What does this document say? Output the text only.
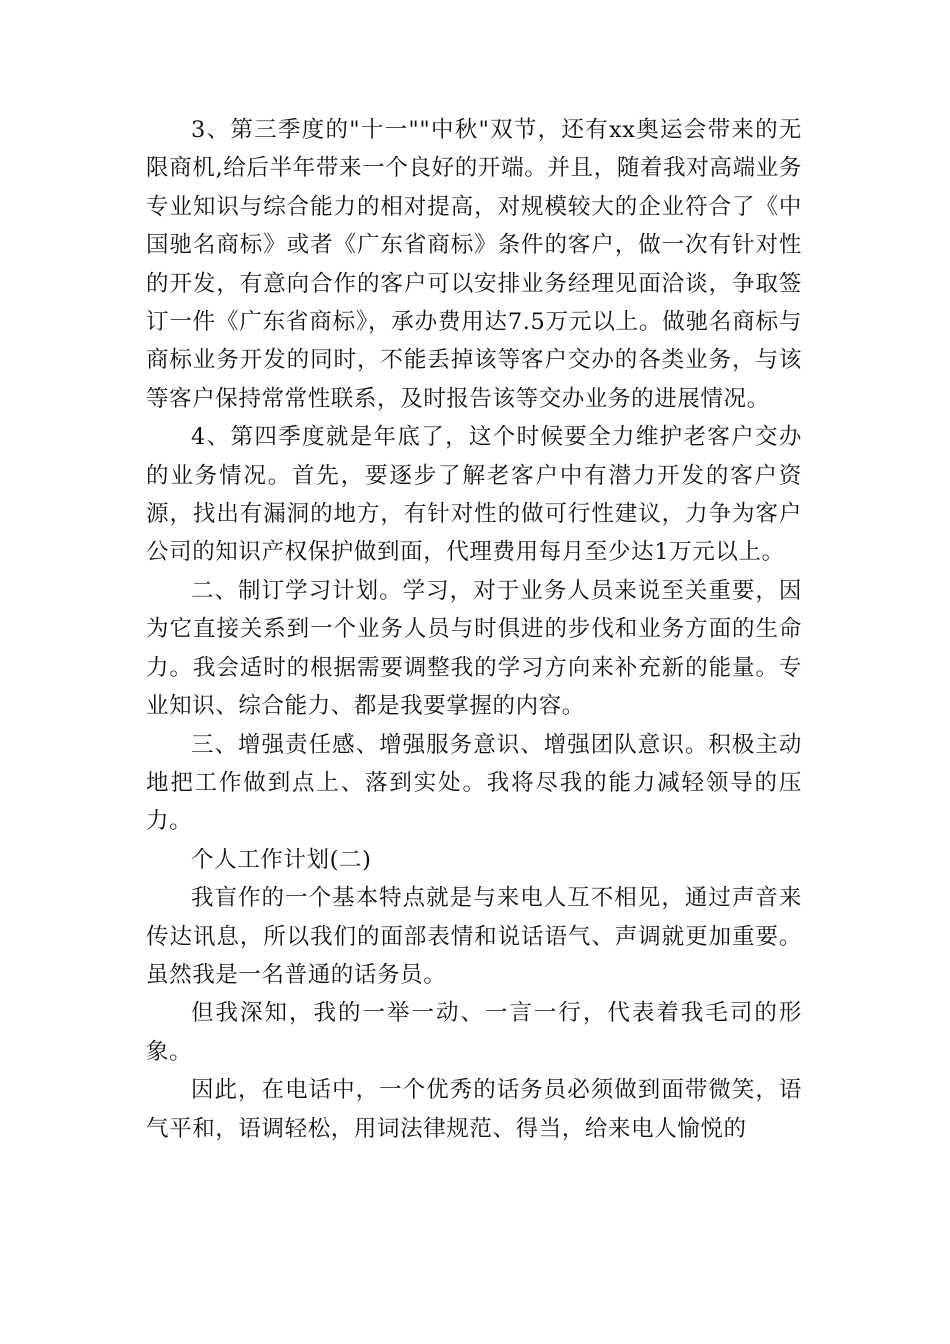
3、第三季度的"十一""中秋"双节，还有xx奥运会带来的无限商机,给后半年带来一个良好的开端。并且，随着我对高端业务专业知识与综合能力的相对提高，对规模较大的企业符合了《中国驰名商标》或者《广东省商标》条件的客户，做一次有针对性的开发，有意向合作的客户可以安排业务经理见面洽谈，争取签订一件《广东省商标》，承办费用达7.5万元以上。做驰名商标与商标业务开发的同时，不能丢掉该等客户交办的各类业务，与该等客户保持常常性联系，及时报告该等交办业务的进展情况。

4、第四季度就是年底了，这个时候要全力维护老客户交办的业务情况。首先，要逐步了解老客户中有潜力开发的客户资源，找出有漏洞的地方，有针对性的做可行性建议，力争为客户公司的知识产权保护做到面，代理费用每月至少达1万元以上。

二、制订学习计划。学习，对于业务人员来说至关重要，因为它直接关系到一个业务人员与时俱进的步伐和业务方面的生命力。我会适时的根据需要调整我的学习方向来补充新的能量。专业知识、综合能力、都是我要掌握的内容。

三、增强责任感、增强服务意识、增强团队意识。积极主动地把工作做到点上、落到实处。我将尽我的能力减轻领导的压力。

个人工作计划(二)

我盲作的一个基本特点就是与来电人互不相见，通过声音来传达讯息，所以我们的面部表情和说话语气、声调就更加重要。虽然我是一名普通的话务员。

但我深知，我的一举一动、一言一行，代表着我毛司的形象。

因此，在电话中，一个优秀的话务员必须做到面带微笑，语气平和，语调轻松，用词法律规范、得当，给来电人愉悦的
